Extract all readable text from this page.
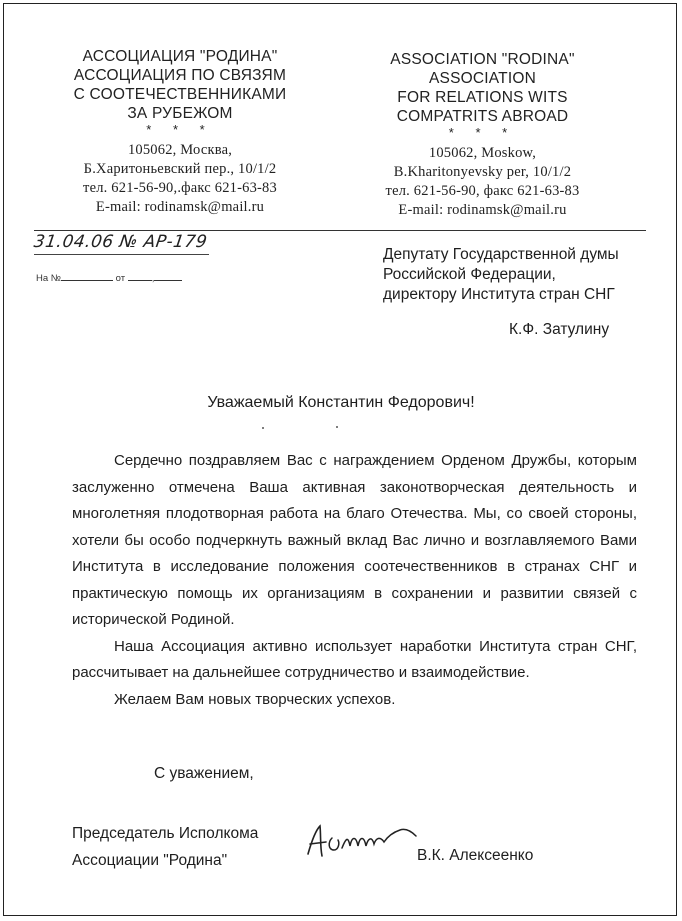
АССОЦИАЦИЯ "РОДИНА"
АССОЦИАЦИЯ ПО СВЯЗЯМ
С СООТЕЧЕСТВЕННИКАМИ
ЗА РУБЕЖОМ
* * *
105062, Москва,
Б.Харитоньевский пер., 10/1/2
тел. 621-56-90,.факс 621-63-83
E-mail: rodinamsk@mail.ru
ASSOCIATION "RODINA"
ASSOCIATION
FOR RELATIONS WITS
COMPATRITS ABROAD
* * *
105062, Moskow,
B.Kharitonyevsky per, 10/1/2
тел. 621-56-90, факс 621-63-83
E-mail: rodinamsk@mail.ru
31.04.06 № АР-179
На №	от	,
Депутату Государственной думы
Российской Федерации,
директору Института стран СНГ
К.Ф. Затулину
Уважаемый Константин Федорович!

Сердечно поздравляем Вас с награждением Орденом Дружбы, которым заслуженно отмечена Ваша активная законотворческая деятельность и многолетняя плодотворная работа на благо Отечества. Мы, со своей стороны, хотели бы особо подчеркнуть важный вклад Вас лично и возглавляемого Вами Института в исследование положения соотечественников в странах СНГ и практическую помощь их организациям в сохранении и развитии связей с исторической Родиной.

Наша Ассоциация активно использует наработки Института стран СНГ, рассчитывает на дальнейшее сотрудничество и взаимодействие.

Желаем Вам новых творческих успехов.

С уважением,
Председатель Исполкома
Ассоциации "Родина"	В.К. Алексеенко
